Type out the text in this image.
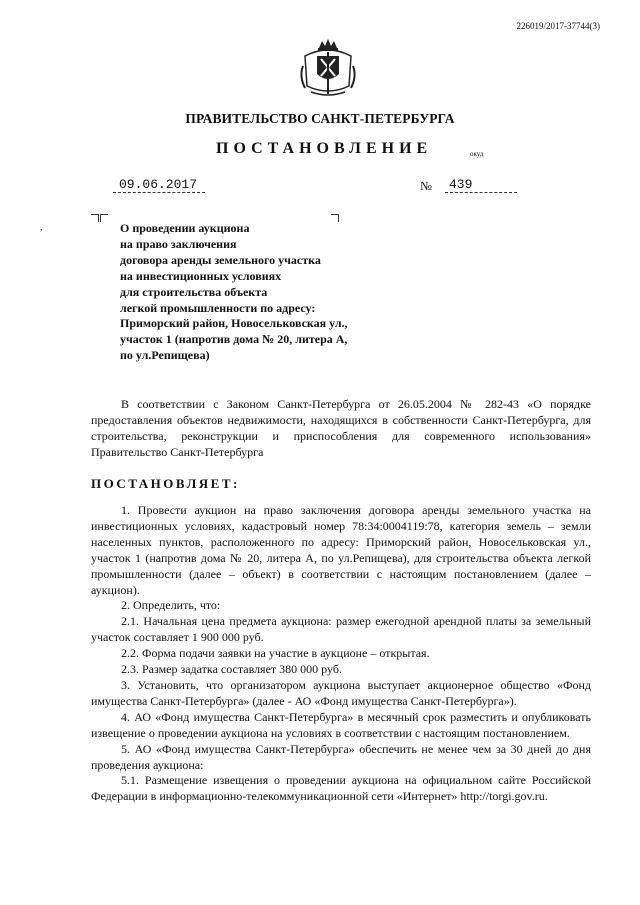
226019/2017-37744(3)
ПРАВИТЕЛЬСТВО САНКТ-ПЕТЕРБУРГА
ПОСТАНОВЛЕНИЕ	окуд
09.06.2017	№ 439
,	О проведении аукциона
на право заключения
договора аренды земельного участка
на инвестиционных условиях
для строительства объекта
легкой промышленности по адресу:
Приморский район, Новосельковская ул.,
участок 1 (напротив дома № 20, литера А,
по ул.Репищева)

В соответствии с Законом Санкт-Петербурга от 26.05.2004 № 282-43 «О порядке предоставления объектов недвижимости, находящихся в собственности Санкт-Петербурга, для строительства, реконструкции и приспособления для современного использования» Правительство Санкт-Петербурга

ПОСТАНОВЛЯЕТ:

1. Провести аукцион на право заключения договора аренды земельного участка на инвестиционных условиях, кадастровый номер 78:34:0004119:78, категория земель – земли населенных пунктов, расположенного по адресу: Приморский район, Новосельковская ул., участок 1 (напротив дома № 20, литера А, по ул.Репищева), для строительства объекта легкой промышленности (далее – объект) в соответствии с настоящим постановлением (далее – аукцион).

2. Определить, что:

2.1. Начальная цена предмета аукциона: размер ежегодной арендной платы за земельный участок составляет 1 900 000 руб.

2.2. Форма подачи заявки на участие в аукционе – открытая.

2.3. Размер задатка составляет 380 000 руб.

3. Установить, что организатором аукциона выступает акционерное общество «Фонд имущества Санкт-Петербурга» (далее - АО «Фонд имущества Санкт-Петербурга»).

4. АО «Фонд имущества Санкт-Петербурга» в месячный срок разместить и опубликовать извещение о проведении аукциона на условиях в соответствии с настоящим постановлением.

5. АО «Фонд имущества Санкт-Петербурга» обеспечить не менее чем за 30 дней до дня проведения аукциона:

5.1. Размещение извещения о проведении аукциона на официальном сайте Российской Федерации в информационно-телекоммуникационной сети «Интернет» http://torgi.gov.ru.
